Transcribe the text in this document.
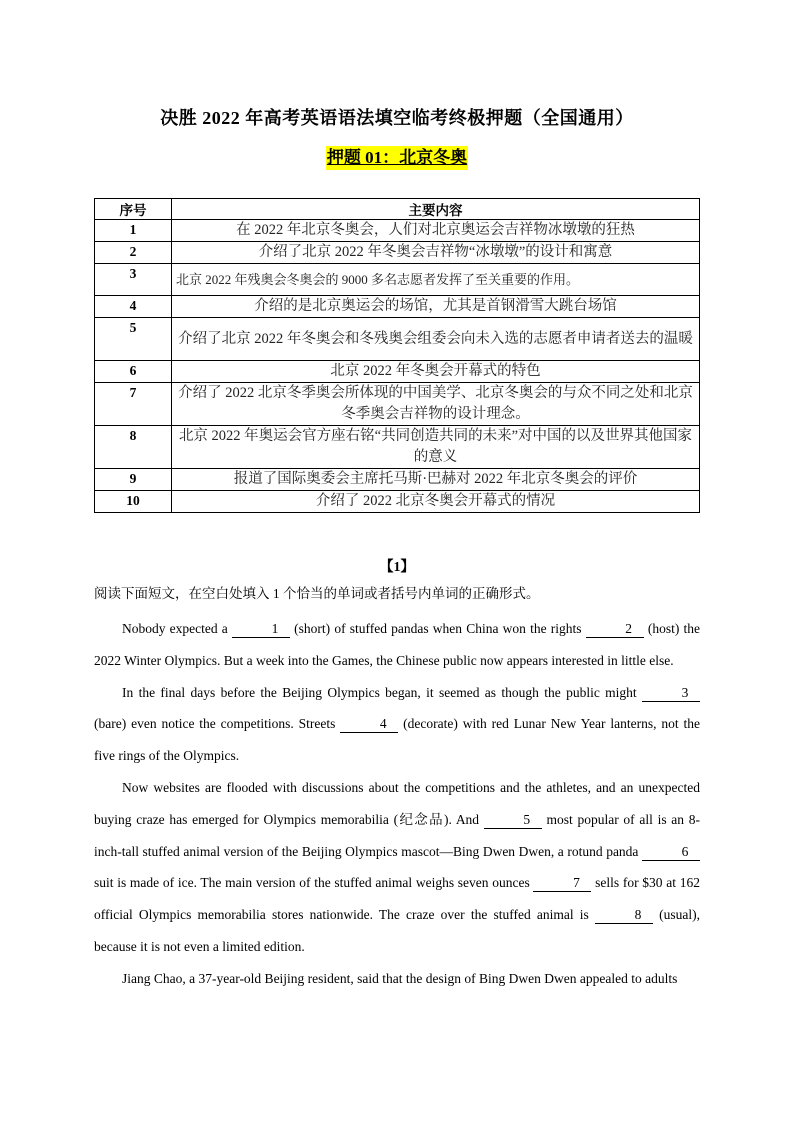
决胜 2022 年高考英语语法填空临考终极押题（全国通用）
押题 01：北京冬奥
序号	主要内容
1	在 2022 年北京冬奥会，人们对北京奥运会吉祥物冰墩墩的狂热
2	介绍了北京 2022 年冬奥会吉祥物“冰墩墩”的设计和寓意
3	北京 2022 年残奥会冬奥会的 9000 多名志愿者发挥了至关重要的作用。
4	介绍的是北京奥运会的场馆，尤其是首钢滑雪大跳台场馆
5	介绍了北京 2022 年冬奥会和冬残奥会组委会向未入选的志愿者申请者送去的温暖
6	北京 2022 年冬奥会开幕式的特色
7	介绍了 2022 北京冬季奥会所体现的中国美学、北京冬奥会的与众不同之处和北京冬季奥会吉祥物的设计理念。
8	北京 2022 年奥运会官方座右铭“共同创造共同的未来”对中国的以及世界其他国家的意义
9	报道了国际奥委会主席托马斯·巴赫对 2022 年北京冬奥会的评价
10	介绍了 2022 北京冬奥会开幕式的情况
【1】
阅读下面短文，在空白处填入 1 个恰当的单词或者括号内单词的正确形式。

Nobody expected a	1 (short) of stuffed pandas when China won the rights	2 (host) the 2022 Winter Olympics. But a week into the Games, the Chinese public now appears interested in little else.

In the final days before the Beijing Olympics began, it seemed as though the public might	3 (bare) even notice the competitions. Streets	4 (decorate) with red Lunar New Year lanterns, not the five rings of the Olympics.

Now websites are flooded with discussions about the competitions and the athletes, and an unexpected buying craze has emerged for Olympics memorabilia (纪念品). And	5 most popular of all is an 8-inch-tall stuffed animal version of the Beijing Olympics mascot—Bing Dwen Dwen, a rotund panda	6 suit is made of ice. The main version of the stuffed animal weighs seven ounces	7 sells for $30 at 162 official Olympics memorabilia stores nationwide. The craze over the stuffed animal is	8 (usual), because it is not even a limited edition.

Jiang Chao, a 37-year-old Beijing resident, said that the design of Bing Dwen Dwen appealed to adults
